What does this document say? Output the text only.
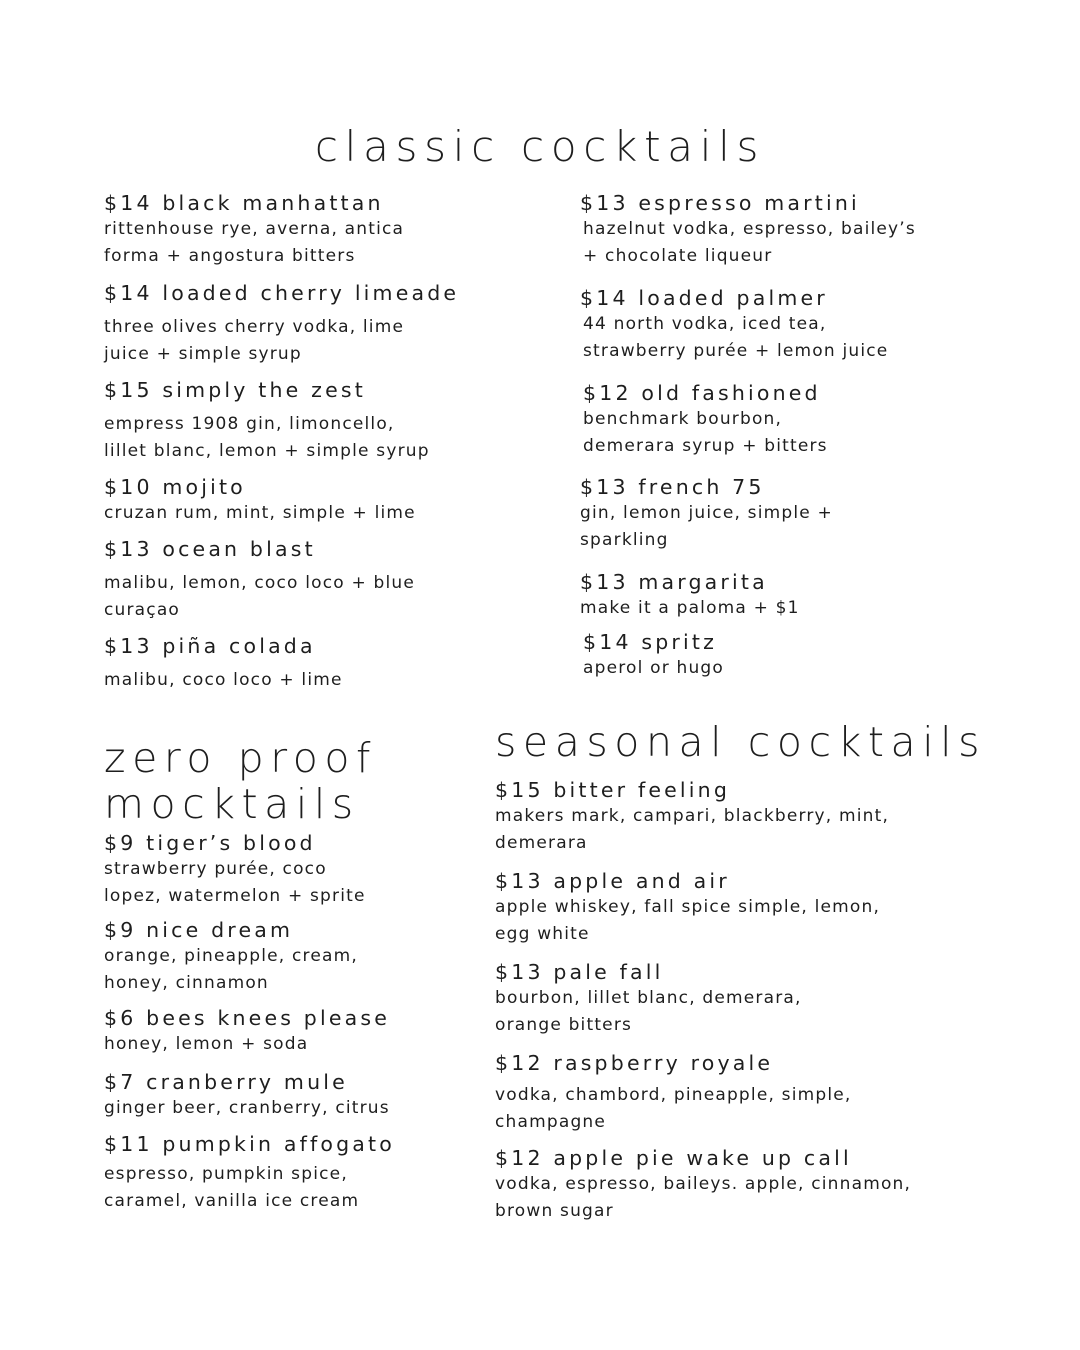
classic cocktails
$14 black manhattan
rittenhouse rye, averna, antica
forma + angostura bitters
$14 loaded cherry limeade
three olives cherry vodka, lime
juice + simple syrup
$15 simply the zest
empress 1908 gin, limoncello,
lillet blanc, lemon + simple syrup
$10 mojito
cruzan rum, mint, simple + lime
$13 ocean blast
malibu, lemon, coco loco + blue
curaçao
$13 piña colada
malibu, coco loco + lime
$13 espresso martini
hazelnut vodka, espresso, bailey’s
+ chocolate liqueur
$14 loaded palmer
44 north vodka, iced tea,
strawberry purée + lemon juice
$12 old fashioned
benchmark bourbon,
demerara syrup + bitters
$13 french 75
gin, lemon juice, simple +
sparkling
$13 margarita
make it a paloma + $1
$14 spritz
aperol or hugo
zero proof
mocktails
$9 tiger’s blood
strawberry purée, coco
lopez, watermelon + sprite
$9 nice dream
orange, pineapple, cream,
honey, cinnamon
$6 bees knees please
honey, lemon + soda
$7 cranberry mule
ginger beer, cranberry, citrus
$11 pumpkin affogato
espresso, pumpkin spice,
caramel, vanilla ice cream
seasonal cocktails
$15 bitter feeling
makers mark, campari, blackberry, mint,
demerara
$13 apple and air
apple whiskey, fall spice simple, lemon,
egg white
$13 pale fall
bourbon, lillet blanc, demerara,
orange bitters
$12 raspberry royale
vodka, chambord, pineapple, simple,
champagne
$12 apple pie wake up call
vodka, espresso, baileys. apple, cinnamon,
brown sugar
